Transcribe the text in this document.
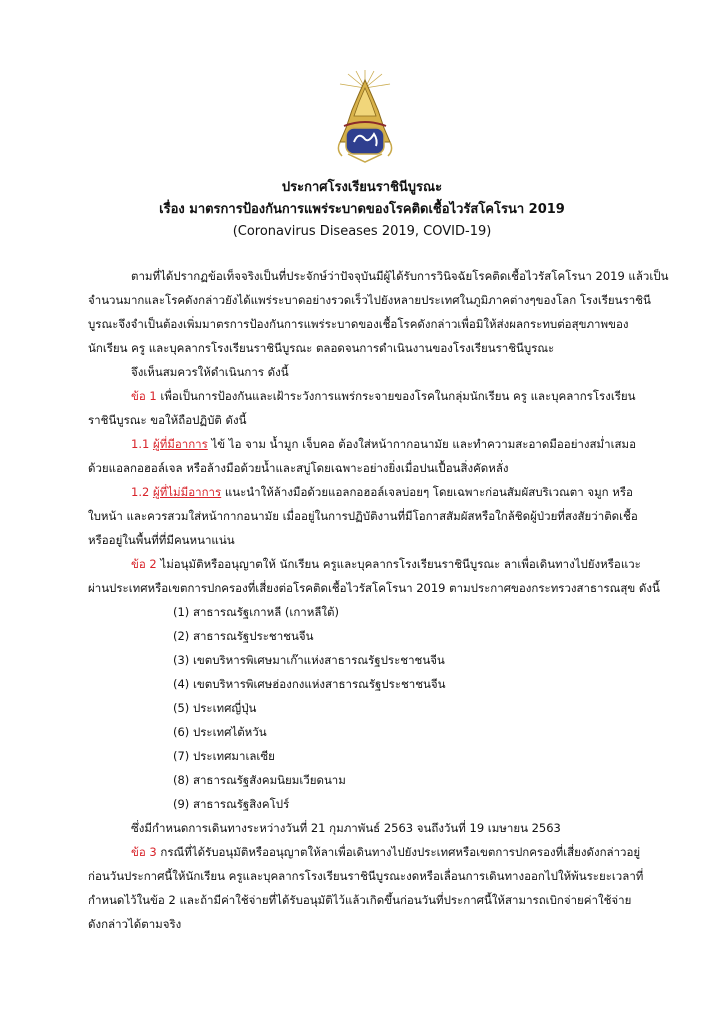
ประกาศโรงเรียนราชินีบูรณะ
เรื่อง มาตรการป้องกันการแพร่ระบาดของโรคติดเชื้อไวรัสโคโรนา 2019
(Coronavirus Diseases 2019, COVID-19)
ตามที่ได้ปรากฏข้อเท็จจริงเป็นที่ประจักษ์ว่าปัจจุบันมีผู้ได้รับการวินิจฉัยโรคติดเชื้อไวรัสโคโรนา 2019 แล้วเป็น
จำนวนมากและโรคดังกล่าวยังได้แพร่ระบาดอย่างรวดเร็วไปยังหลายประเทศในภูมิภาคต่างๆของโลก โรงเรียนราชินี
บูรณะจึงจำเป็นต้องเพิ่มมาตรการป้องกันการแพร่ระบาดของเชื้อโรคดังกล่าวเพื่อมิให้ส่งผลกระทบต่อสุขภาพของ
นักเรียน ครู และบุคลากรโรงเรียนราชินีบูรณะ ตลอดจนการดำเนินงานของโรงเรียนราชินีบูรณะ
จึงเห็นสมควรให้ดำเนินการ ดังนี้
ข้อ 1 เพื่อเป็นการป้องกันและเฝ้าระวังการแพร่กระจายของโรคในกลุ่มนักเรียน ครู และบุคลากรโรงเรียน
ราชินีบูรณะ ขอให้ถือปฏิบัติ ดังนี้
1.1 ผู้ที่มีอาการ ไข้ ไอ จาม น้ำมูก เจ็บคอ ต้องใส่หน้ากากอนามัย และทำความสะอาดมืออย่างสม่ำเสมอ
ด้วยแอลกอฮอล์เจล หรือล้างมือด้วยน้ำและสบู่โดยเฉพาะอย่างยิ่งเมื่อปนเปื้อนสิ่งคัดหลั่ง
1.2 ผู้ที่ไม่มีอาการ แนะนำให้ล้างมือด้วยแอลกอฮอล์เจลบ่อยๆ โดยเฉพาะก่อนสัมผัสบริเวณตา จมูก หรือ
ใบหน้า และควรสวมใส่หน้ากากอนามัย เมื่ออยู่ในการปฏิบัติงานที่มีโอกาสสัมผัสหรือใกล้ชิดผู้ป่วยที่สงสัยว่าติดเชื้อ
หรืออยู่ในพื้นที่ที่มีคนหนาแน่น
ข้อ 2 ไม่อนุมัติหรืออนุญาตให้ นักเรียน ครูและบุคลากรโรงเรียนราชินีบูรณะ ลาเพื่อเดินทางไปยังหรือแวะ
ผ่านประเทศหรือเขตการปกครองที่เสี่ยงต่อโรคติดเชื้อไวรัสโคโรนา 2019 ตามประกาศของกระทรวงสาธารณสุข ดังนี้
(1) สาธารณรัฐเกาหลี (เกาหลีใต้)
(2) สาธารณรัฐประชาชนจีน
(3) เขตบริหารพิเศษมาเก๊าแห่งสาธารณรัฐประชาชนจีน
(4) เขตบริหารพิเศษฮ่องกงแห่งสาธารณรัฐประชาชนจีน
(5) ประเทศญี่ปุ่น
(6) ประเทศไต้หวัน
(7) ประเทศมาเลเซีย
(8) สาธารณรัฐสังคมนิยมเวียดนาม
(9) สาธารณรัฐสิงคโปร์
ซึ่งมีกำหนดการเดินทางระหว่างวันที่ 21 กุมภาพันธ์ 2563 จนถึงวันที่ 19 เมษายน 2563
ข้อ 3 กรณีที่ได้รับอนุมัติหรืออนุญาตให้ลาเพื่อเดินทางไปยังประเทศหรือเขตการปกครองที่เสี่ยงดังกล่าวอยู่
ก่อนวันประกาศนี้ให้นักเรียน ครูและบุคลากรโรงเรียนราชินีบูรณะงดหรือเลื่อนการเดินทางออกไปให้พ้นระยะเวลาที่
กำหนดไว้ในข้อ 2 และถ้ามีค่าใช้จ่ายที่ได้รับอนุมัติไว้แล้วเกิดขึ้นก่อนวันที่ประกาศนี้ให้สามารถเบิกจ่ายค่าใช้จ่าย
ดังกล่าวได้ตามจริง
